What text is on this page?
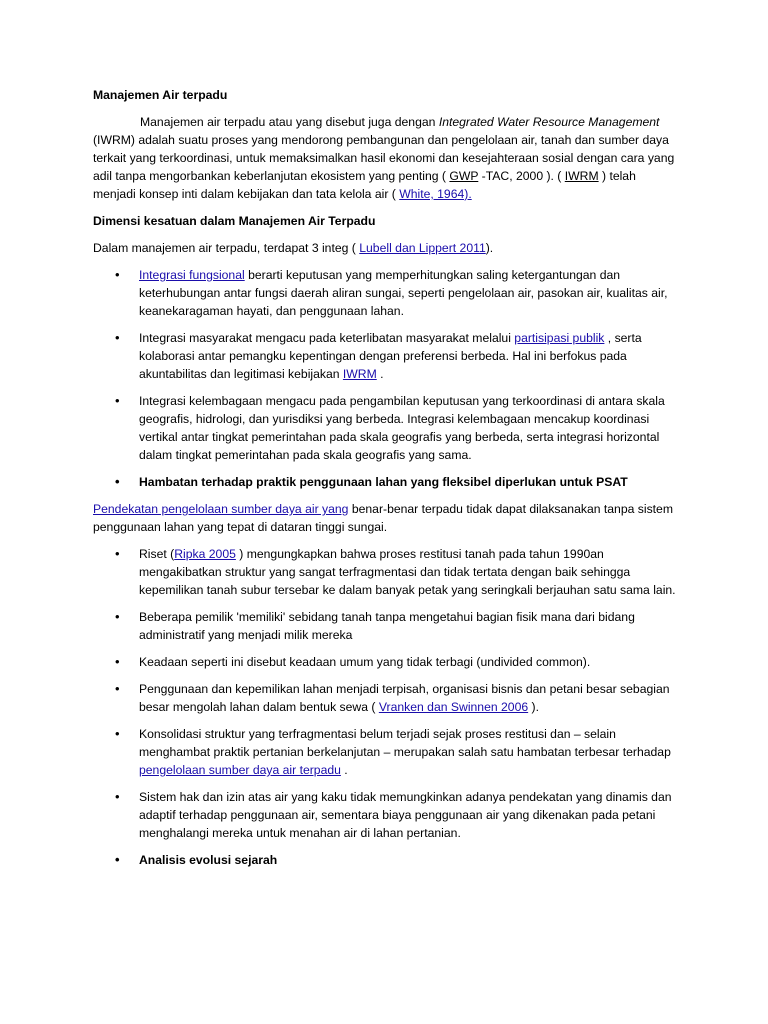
Manajemen Air terpadu

Manajemen air terpadu atau yang disebut juga dengan Integrated Water Resource Management (IWRM) adalah suatu proses yang mendorong pembangunan dan pengelolaan air, tanah dan sumber daya terkait yang terkoordinasi, untuk memaksimalkan hasil ekonomi dan kesejahteraan sosial dengan cara yang adil tanpa mengorbankan keberlanjutan ekosistem yang penting ( GWP -TAC, 2000 ). ( IWRM ) telah menjadi konsep inti dalam kebijakan dan tata kelola air ( White, 1964).

Dimensi kesatuan dalam Manajemen Air Terpadu

Dalam manajemen air terpadu, terdapat 3 integ ( Lubell dan Lippert 2011).

• Integrasi fungsional berarti keputusan yang memperhitungkan saling ketergantungan dan keterhubungan antar fungsi daerah aliran sungai, seperti pengelolaan air, pasokan air, kualitas air, keanekaragaman hayati, dan penggunaan lahan.
• Integrasi masyarakat mengacu pada keterlibatan masyarakat melalui partisipasi publik , serta kolaborasi antar pemangku kepentingan dengan preferensi berbeda. Hal ini berfokus pada akuntabilitas dan legitimasi kebijakan IWRM .
• Integrasi kelembagaan mengacu pada pengambilan keputusan yang terkoordinasi di antara skala geografis, hidrologi, dan yurisdiksi yang berbeda. Integrasi kelembagaan mencakup koordinasi vertikal antar tingkat pemerintahan pada skala geografis yang berbeda, serta integrasi horizontal dalam tingkat pemerintahan pada skala geografis yang sama.
• Hambatan terhadap praktik penggunaan lahan yang fleksibel diperlukan untuk PSAT

Pendekatan pengelolaan sumber daya air yang benar-benar terpadu tidak dapat dilaksanakan tanpa sistem penggunaan lahan yang tepat di dataran tinggi sungai.

• Riset (Ripka 2005 ) mengungkapkan bahwa proses restitusi tanah pada tahun 1990an mengakibatkan struktur yang sangat terfragmentasi dan tidak tertata dengan baik sehingga kepemilikan tanah subur tersebar ke dalam banyak petak yang seringkali berjauhan satu sama lain.
• Beberapa pemilik 'memiliki' sebidang tanah tanpa mengetahui bagian fisik mana dari bidang administratif yang menjadi milik mereka
• Keadaan seperti ini disebut keadaan umum yang tidak terbagi (undivided common).
• Penggunaan dan kepemilikan lahan menjadi terpisah, organisasi bisnis dan petani besar sebagian besar mengolah lahan dalam bentuk sewa ( Vranken dan Swinnen 2006 ).
• Konsolidasi struktur yang terfragmentasi belum terjadi sejak proses restitusi dan – selain menghambat praktik pertanian berkelanjutan – merupakan salah satu hambatan terbesar terhadap pengelolaan sumber daya air terpadu .
• Sistem hak dan izin atas air yang kaku tidak memungkinkan adanya pendekatan yang dinamis dan adaptif terhadap penggunaan air, sementara biaya penggunaan air yang dikenakan pada petani menghalangi mereka untuk menahan air di lahan pertanian.
• Analisis evolusi sejarah
